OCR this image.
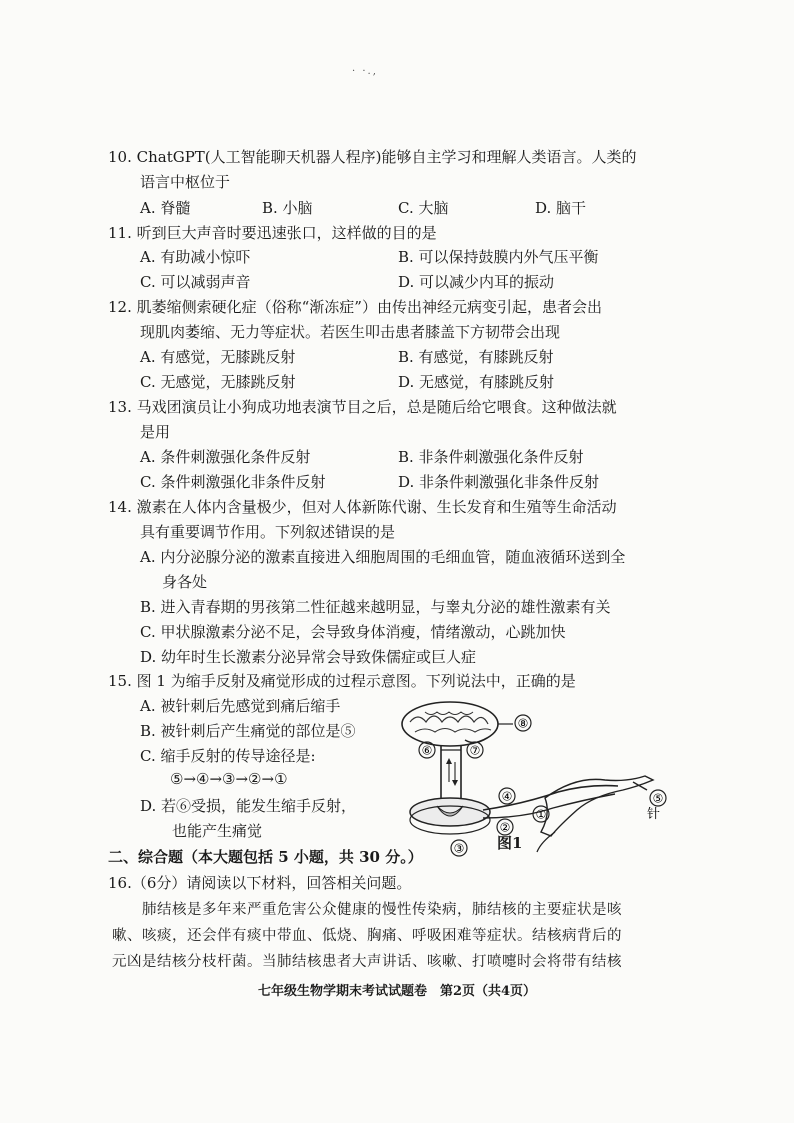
· ·.,
10. ChatGPT(人工智能聊天机器人程序)能够自主学习和理解人类语言。人类的
语言中枢位于
A. 脊髓	B. 小脑	C. 大脑	D. 脑干
11. 听到巨大声音时要迅速张口，这样做的目的是
A. 有助减小惊吓	B. 可以保持鼓膜内外气压平衡
C. 可以减弱声音	D. 可以减少内耳的振动
12. 肌萎缩侧索硬化症（俗称“渐冻症”）由传出神经元病变引起，患者会出
现肌肉萎缩、无力等症状。若医生叩击患者膝盖下方韧带会出现
A. 有感觉，无膝跳反射	B. 有感觉，有膝跳反射
C. 无感觉，无膝跳反射	D. 无感觉，有膝跳反射
13. 马戏团演员让小狗成功地表演节目之后，总是随后给它喂食。这种做法就
是用
A. 条件刺激强化条件反射	B. 非条件刺激强化条件反射
C. 条件刺激强化非条件反射	D. 非条件刺激强化非条件反射
14. 激素在人体内含量极少，但对人体新陈代谢、生长发育和生殖等生命活动
具有重要调节作用。下列叙述错误的是
A. 内分泌腺分泌的激素直接进入细胞周围的毛细血管，随血液循环送到全
身各处
B. 进入青春期的男孩第二性征越来越明显，与睾丸分泌的雄性激素有关
C. 甲状腺激素分泌不足，会导致身体消瘦，情绪激动，心跳加快
D. 幼年时生长激素分泌异常会导致侏儒症或巨人症
15. 图 1 为缩手反射及痛觉形成的过程示意图。下列说法中，正确的是
A. 被针刺后先感觉到痛后缩手
B. 被针刺后产生痛觉的部位是⑤
C. 缩手反射的传导途径是:
⑤→④→③→②→①
D. 若⑥受损，能发生缩手反射，
也能产生痛觉
⑧
⑥	⑦
④	⑤
针
②
①
③ 图1
二、综合题（本大题包括 5 小题，共 30 分。）
16.（6分）请阅读以下材料，回答相关问题。
肺结核是多年来严重危害公众健康的慢性传染病，肺结核的主要症状是咳
嗽、咳痰，还会伴有痰中带血、低烧、胸痛、呼吸困难等症状。结核病背后的
元凶是结核分枝杆菌。当肺结核患者大声讲话、咳嗽、打喷嚏时会将带有结核
七年级生物学期末考试试题卷　第2页（共4页）
